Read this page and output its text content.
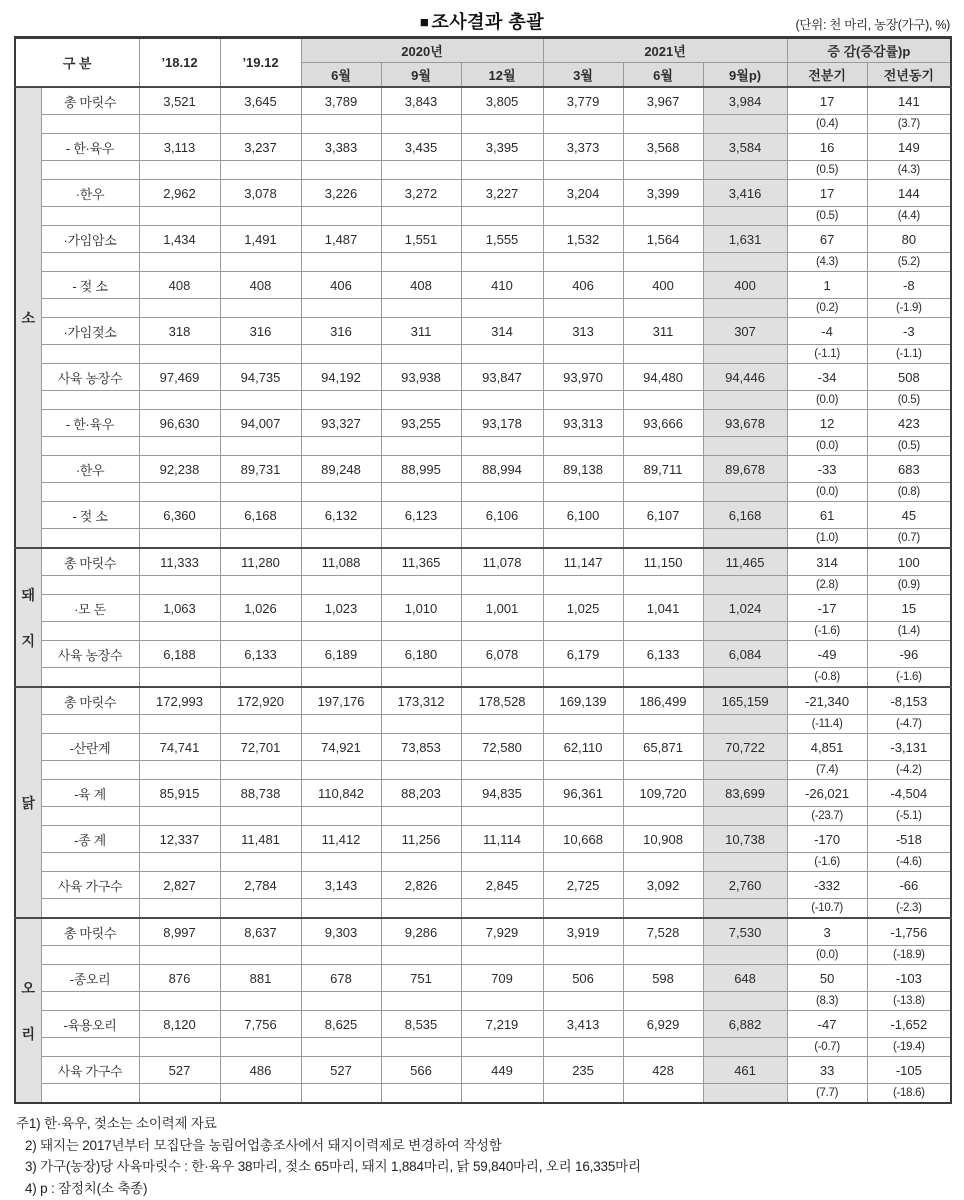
■ 조사결과 총괄	(단위: 천 마리, 농장(가구), %)
구 분		’18.12	’19.12	2020년			2021년			증 감(증감률)p	
				6월	9월	12월	3월	6월	9월p)	전분기	전년동기

소	총 마릿수	3,521	3,645	3,789	3,843	3,805	3,779	3,967	3,984	17	141
										(0.4)	(3.7)
	- 한·육우	3,113	3,237	3,383	3,435	3,395	3,373	3,568	3,584	16	149
										(0.5)	(4.3)
	·한우	2,962	3,078	3,226	3,272	3,227	3,204	3,399	3,416	17	144
										(0.5)	(4.4)
	·가임암소	1,434	1,491	1,487	1,551	1,555	1,532	1,564	1,631	67	80
										(4.3)	(5.2)
	- 젖 소	408	408	406	408	410	406	400	400	1	-8
										(0.2)	(-1.9)
	·가임젖소	318	316	316	311	314	313	311	307	-4	-3
										(-1.1)	(-1.1)
	사육 농장수	97,469	94,735	94,192	93,938	93,847	93,970	94,480	94,446	-34	508
										(0.0)	(0.5)
	- 한·육우	96,630	94,007	93,327	93,255	93,178	93,313	93,666	93,678	12	423
										(0.0)	(0.5)
	·한우	92,238	89,731	89,248	88,995	88,994	89,138	89,711	89,678	-33	683
										(0.0)	(0.8)
	- 젖 소	6,360	6,168	6,132	6,123	6,106	6,100	6,107	6,168	61	45
										(1.0)	(0.7)

돼
지	총 마릿수	11,333	11,280	11,088	11,365	11,078	11,147	11,150	11,465	314	100
										(2.8)	(0.9)
	·모 돈	1,063	1,026	1,023	1,010	1,001	1,025	1,041	1,024	-17	15
										(-1.6)	(1.4)
	사육 농장수	6,188	6,133	6,189	6,180	6,078	6,179	6,133	6,084	-49	-96
										(-0.8)	(-1.6)

닭	총 마릿수	172,993	172,920	197,176	173,312	178,528	169,139	186,499	165,159	-21,340	-8,153
										(-11.4)	(-4.7)
	-산란계	74,741	72,701	74,921	73,853	72,580	62,110	65,871	70,722	4,851	-3,131
										(7.4)	(-4.2)
	-육 계	85,915	88,738	110,842	88,203	94,835	96,361	109,720	83,699	-26,021	-4,504
										(-23.7)	(-5.1)
	-종 계	12,337	11,481	11,412	11,256	11,114	10,668	10,908	10,738	-170	-518
										(-1.6)	(-4.6)
	사육 가구수	2,827	2,784	3,143	2,826	2,845	2,725	3,092	2,760	-332	-66
										(-10.7)	(-2.3)

오
리	총 마릿수	8,997	8,637	9,303	9,286	7,929	3,919	7,528	7,530	3	-1,756
										(0.0)	(-18.9)
	-종오리	876	881	678	751	709	506	598	648	50	-103
										(8.3)	(-13.8)
	-육용오리	8,120	7,756	8,625	8,535	7,219	3,413	6,929	6,882	-47	-1,652
										(-0.7)	(-19.4)
	사육 가구수	527	486	527	566	449	235	428	461	33	-105
										(7.7)	(-18.6)
주1) 한·육우, 젖소는 소이력제 자료
2) 돼지는 2017년부터 모집단을 농림어업총조사에서 돼지이력제로 변경하여 작성함
3) 가구(농장)당 사육마릿수 : 한·육우 38마리, 젖소 65마리, 돼지 1,884마리, 닭 59,840마리, 오리 16,335마리
4) p : 잠정치(소 축종)
